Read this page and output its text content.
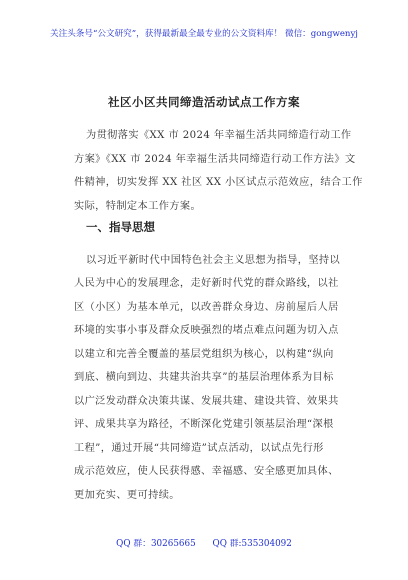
关注头条号“公文研究”，获得最新最全最专业的公文资料库！ 微信：gongwenyj
社区小区共同缔造活动试点工作方案
为贯彻落实《XX 市 2024 年幸福生活共同缔造行动工作
方案》《XX 市 2024 年幸福生活共同缔造行动工作方法》文
件精神，切实发挥 XX 社区 XX 小区试点示范效应，结合工作
实际，特制定本工作方案。
一、指导思想
以习近平新时代中国特色社会主义思想为指导，坚持以
人民为中心的发展理念，走好新时代党的群众路线，以社
区（小区）为基本单元，以改善群众身边、房前屋后人居
环境的实事小事及群众反映强烈的堵点难点问题为切入点
以建立和完善全覆盖的基层党组织为核心，以构建“纵向
到底、横向到边、共建共治共享”的基层治理体系为目标
以广泛发动群众决策共谋、发展共建、建设共管、效果共
评、成果共享为路径，不断深化党建引领基层治理“深根
工程”，通过开展“共同缔造”试点活动，以试点先行形
成示范效应，使人民获得感、幸福感、安全感更加具体、
更加充实、更可持续。
QQ 群：30265665 QQ 群:535304092
